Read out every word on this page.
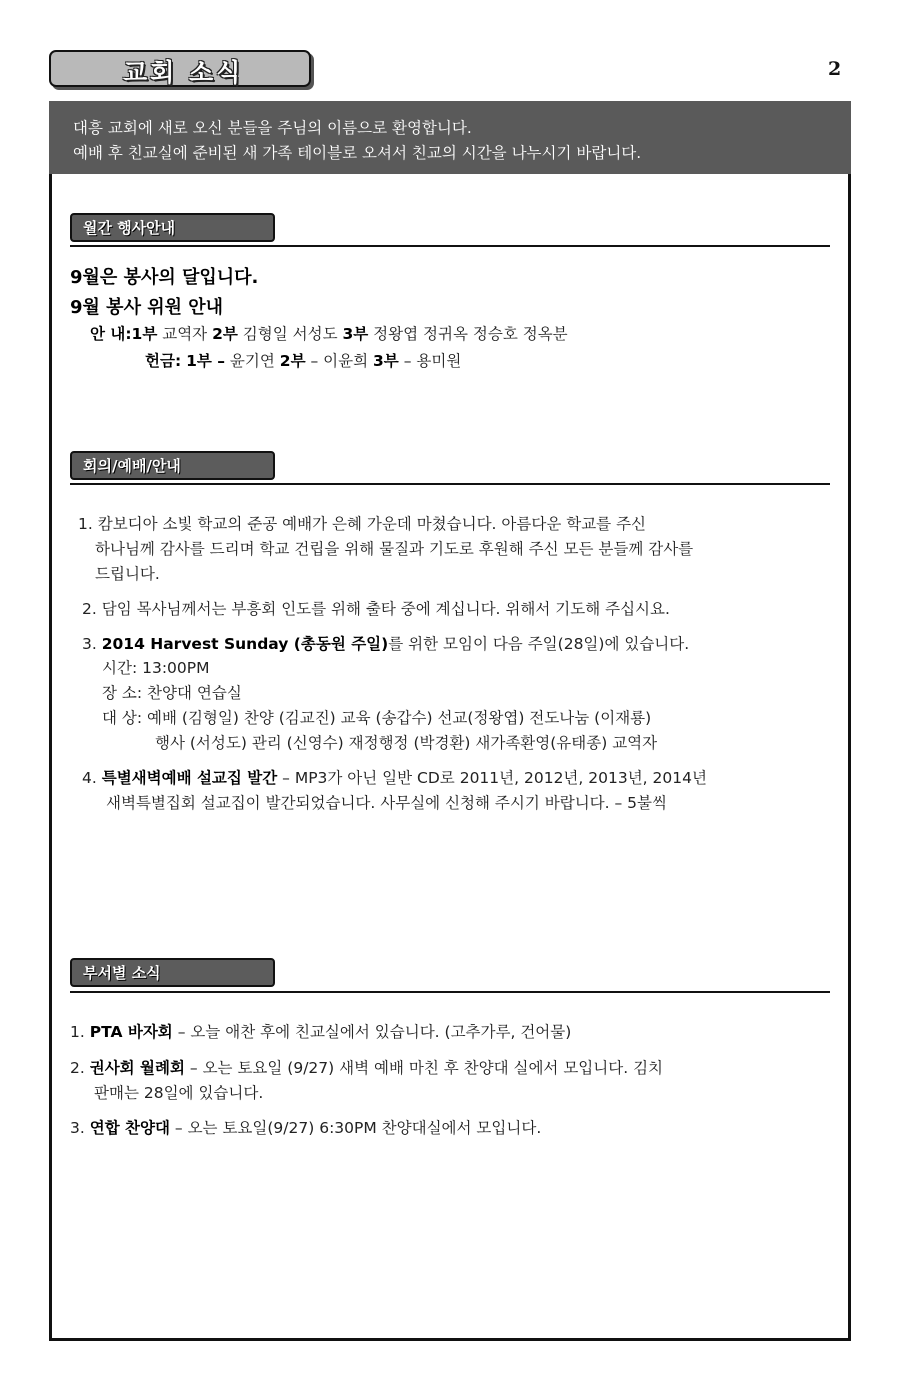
교회 소식	2
대흥 교회에 새로 오신 분들을 주님의 이름으로 환영합니다.
예배 후 친교실에 준비된 새 가족 테이블로 오셔서 친교의 시간을 나누시기 바랍니다.
월간 행사안내
9월은 봉사의 달입니다.
9월 봉사 위원 안내
안 내:1부 교역자 2부 김형일 서성도 3부 정왕엽 정귀옥 정승호 정옥분
헌금: 1부 – 윤기연 2부 – 이윤희 3부 – 용미원
회의/예배/안내
1. 캄보디아 소빛 학교의 준공 예배가 은혜 가운데 마쳤습니다. 아름다운 학교를 주신
하나님께 감사를 드리며 학교 건립을 위해 물질과 기도로 후원해 주신 모든 분들께 감사를
드립니다.
2. 담임 목사님께서는 부흥회 인도를 위해 출타 중에 계십니다. 위해서 기도해 주십시요.
3. 2014 Harvest Sunday (총동원 주일)를 위한 모임이 다음 주일(28일)에 있습니다.
시간: 13:00PM
장 소: 찬양대 연습실
대 상: 예배 (김형일) 찬양 (김교진) 교육 (송갑수) 선교(정왕엽) 전도나눔 (이재룡)
행사 (서성도) 관리 (신영수) 재정행정 (박경환) 새가족환영(유태종) 교역자
4. 특별새벽예배 설교집 발간 – MP3가 아닌 일반 CD로 2011년, 2012년, 2013년, 2014년
새벽특별집회 설교집이 발간되었습니다. 사무실에 신청해 주시기 바랍니다. – 5불씩
부서별 소식
1. PTA 바자회 – 오늘 애찬 후에 친교실에서 있습니다. (고추가루, 건어물)
2. 권사회 월례회 – 오는 토요일 (9/27) 새벽 예배 마친 후 찬양대 실에서 모입니다. 김치
판매는 28일에 있습니다.
3. 연합 찬양대 – 오는 토요일(9/27) 6:30PM 찬양대실에서 모입니다.
